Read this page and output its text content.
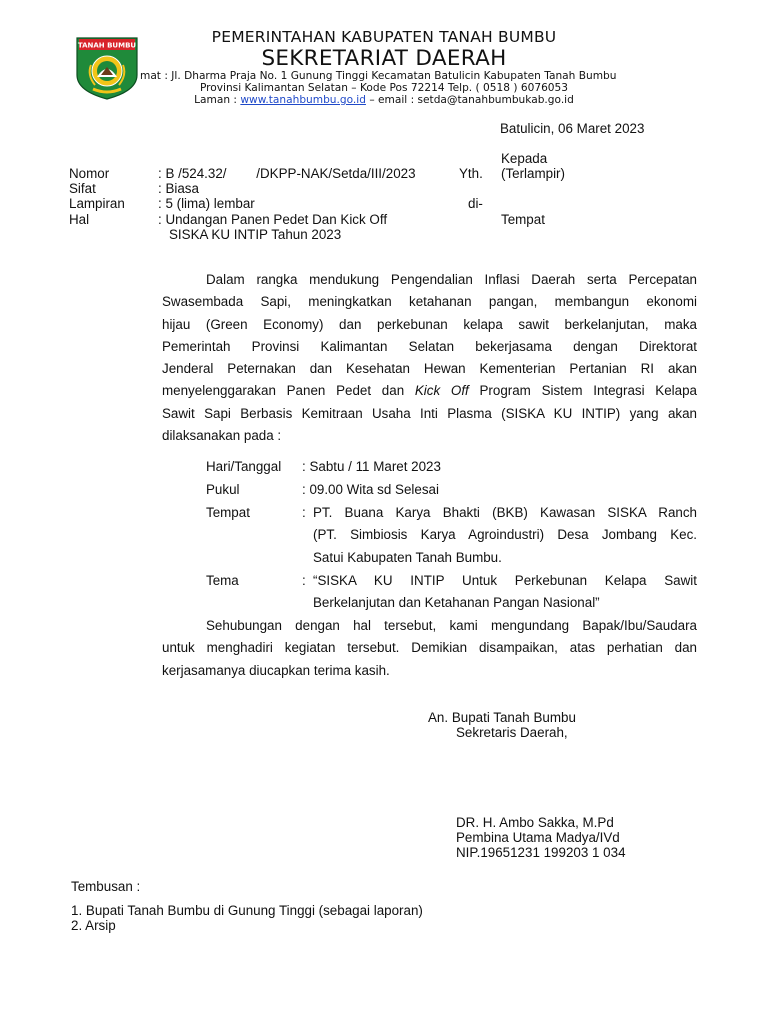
TANAH BUMBU	PEMERINTAHAN KABUPATEN TANAH BUMBU
SEKRETARIAT DAERAH
mat : Jl. Dharma Praja No. 1 Gunung Tinggi Kecamatan Batulicin Kabupaten Tanah Bumbu
Provinsi Kalimantan Selatan – Kode Pos 72214 Telp. ( 0518 ) 6076053
Laman : www.tanahbumbu.go.id – email : setda@tanahbumbukab.go.id
Batulicin, 06 Maret 2023
Kepada
Yth. (Terlampir)
di-
Tempat
Nomor	: B /524.32/        /DKPP-NAK/Setda/III/2023
Sifat	: Biasa
Lampiran : 5 (lima) lembar
Hal	: Undangan Panen Pedet Dan Kick Off
SISKA KU INTIP Tahun 2023
Dalam rangka mendukung Pengendalian Inflasi Daerah serta Percepatan
Swasembada Sapi, meningkatkan ketahanan pangan, membangun ekonomi
hijau (Green Economy) dan perkebunan kelapa sawit berkelanjutan, maka
Pemerintah Provinsi Kalimantan Selatan bekerjasama dengan Direktorat
Jenderal Peternakan dan Kesehatan Hewan Kementerian Pertanian RI akan
menyelenggarakan Panen Pedet dan Kick Off Program Sistem Integrasi Kelapa
Sawit Sapi Berbasis Kemitraan Usaha Inti Plasma (SISKA KU INTIP) yang akan
dilaksanakan pada :
Hari/Tanggal : Sabtu / 11 Maret 2023
Pukul	: 09.00 Wita sd Selesai
Tempat	: PT. Buana Karya Bhakti (BKB) Kawasan SISKA Ranch
(PT. Simbiosis Karya Agroindustri) Desa Jombang Kec.
Satui Kabupaten Tanah Bumbu.
Tema	: “SISKA KU INTIP Untuk Perkebunan Kelapa Sawit
Berkelanjutan dan Ketahanan Pangan Nasional”
Sehubungan dengan hal tersebut, kami mengundang Bapak/Ibu/Saudara
untuk menghadiri kegiatan tersebut. Demikian disampaikan, atas perhatian dan
kerjasamanya diucapkan terima kasih.
An. Bupati Tanah Bumbu
Sekretaris Daerah,
DR. H. Ambo Sakka, M.Pd
Pembina Utama Madya/IVd
NIP.19651231 199203 1 034
Tembusan :
1. Bupati Tanah Bumbu di Gunung Tinggi (sebagai laporan)
2. Arsip
